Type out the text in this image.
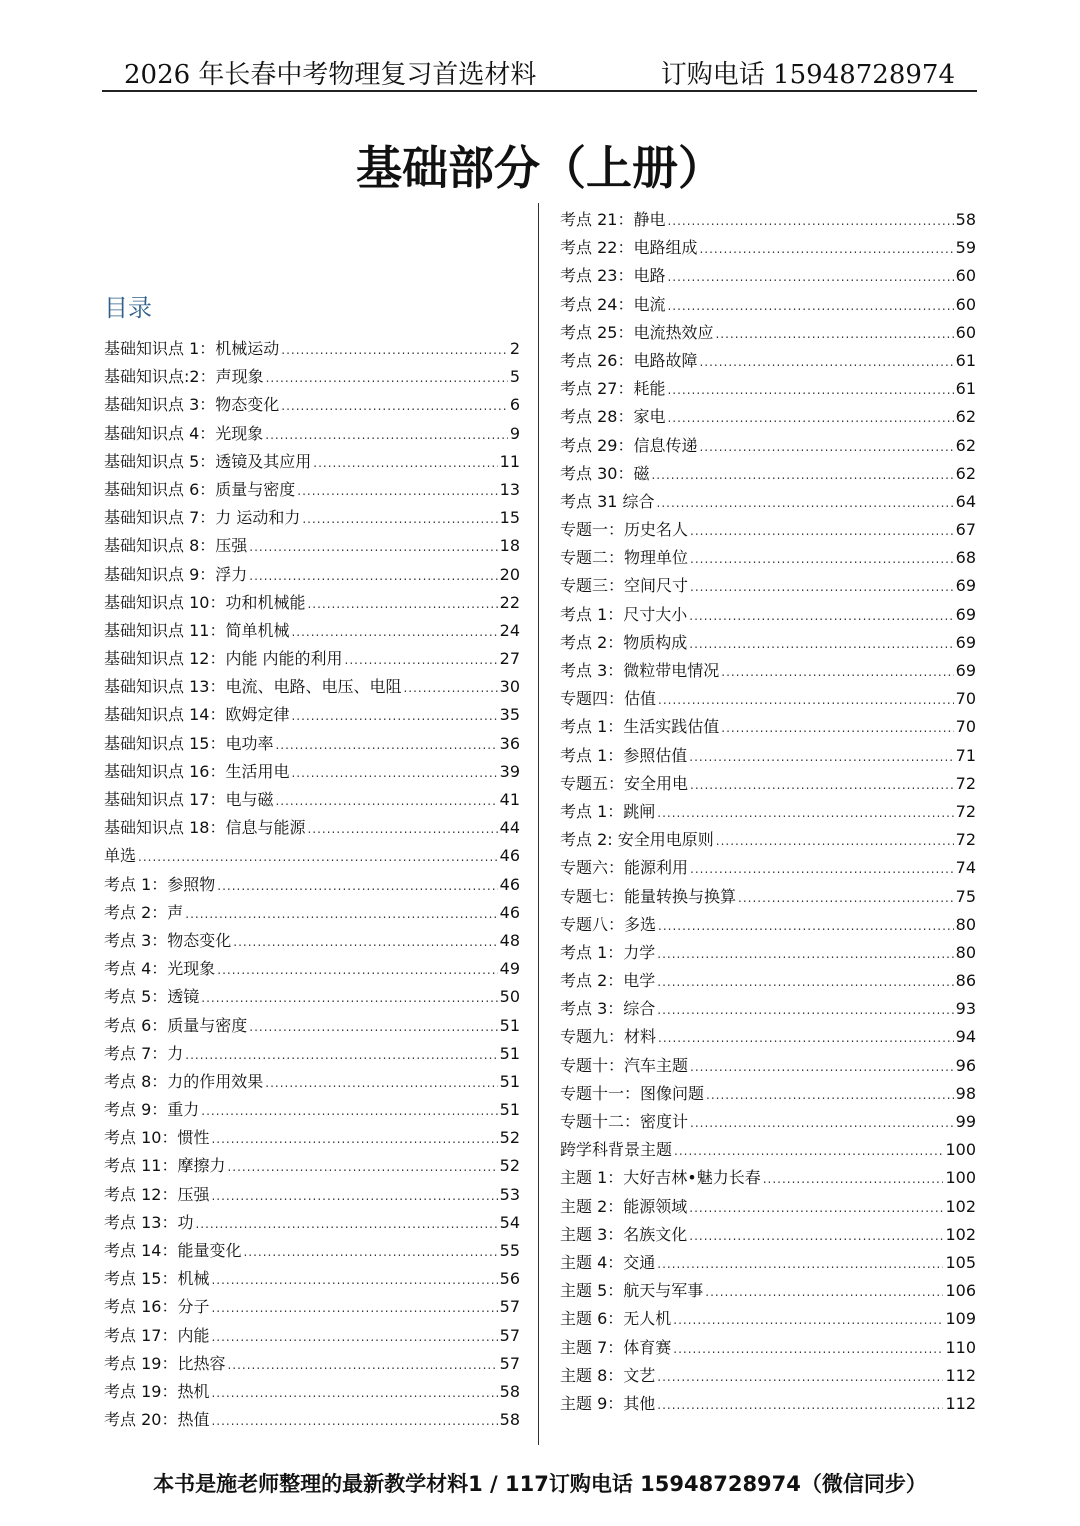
2026 年长春中考物理复习首选材料	订购电话 15948728974
基础部分（上册）
目录
基础知识点 1：机械运动 .....	2
基础知识点:2：声现象 .....	5
基础知识点 3：物态变化 .....	6
基础知识点 4：光现象 .....	9
基础知识点 5：透镜及其应用 .....	11
基础知识点 6：质量与密度 .....	13
基础知识点 7：力 运动和力 .....	15
基础知识点 8：压强 .....	18
基础知识点 9：浮力 .....	20
基础知识点 10：功和机械能 .....	22
基础知识点 11：简单机械 .....	24
基础知识点 12：内能 内能的利用 .....	27
基础知识点 13：电流、电路、电压、电阻 .....	30
基础知识点 14：欧姆定律 .....	35
基础知识点 15：电功率 .....	36
基础知识点 16：生活用电 .....	39
基础知识点 17：电与磁 .....	41
基础知识点 18：信息与能源 .....	44
单选 .....	46
考点 1：参照物 .....	46
考点 2：声 .....	46
考点 3：物态变化 .....	48
考点 4：光现象 .....	49
考点 5：透镜 .....	50
考点 6：质量与密度 .....	51
考点 7：力 .....	51
考点 8：力的作用效果 .....	51
考点 9：重力 .....	51
考点 10：惯性 .....	52
考点 11：摩擦力 .....	52
考点 12：压强 .....	53
考点 13：功 .....	54
考点 14：能量变化 .....	55
考点 15：机械 .....	56
考点 16：分子 .....	57
考点 17：内能 .....	57
考点 19：比热容 .....	57
考点 19：热机 .....	58
考点 20：热值 .....	58
考点 21：静电 .....	58
考点 22：电路组成 .....	59
考点 23：电路 .....	60
考点 24：电流 .....	60
考点 25：电流热效应 .....	60
考点 26：电路故障 .....	61
考点 27：耗能 .....	61
考点 28：家电 .....	62
考点 29：信息传递 .....	62
考点 30：磁 .....	62
考点 31 综合 .....	64
专题一：历史名人 .....	67
专题二：物理单位 .....	68
专题三：空间尺寸 .....	69
考点 1：尺寸大小 .....	69
考点 2：物质构成 .....	69
考点 3：微粒带电情况 .....	69
专题四：估值 .....	70
考点 1：生活实践估值 .....	70
考点 1：参照估值 .....	71
专题五：安全用电 .....	72
考点 1：跳闸 .....	72
考点 2: 安全用电原则 .....	72
专题六：能源利用 .....	74
专题七：能量转换与换算 .....	75
专题八：多选 .....	80
考点 1：力学 .....	80
考点 2：电学 .....	86
考点 3：综合 .....	93
专题九：材料 .....	94
专题十：汽车主题 .....	96
专题十一：图像问题 .....	98
专题十二：密度计 .....	99
跨学科背景主题 .....	100
主题 1：大好吉林•魅力长春 .....	100
主题 2：能源领域 .....	102
主题 3：名族文化 .....	102
主题 4：交通 .....	105
主题 5：航天与军事 .....	106
主题 6：无人机 .....	109
主题 7：体育赛 .....	110
主题 8：文艺 .....	112
主题 9：其他 .....	112
本书是施老师整理的最新教学材料1 / 117订购电话 15948728974（微信同步）
